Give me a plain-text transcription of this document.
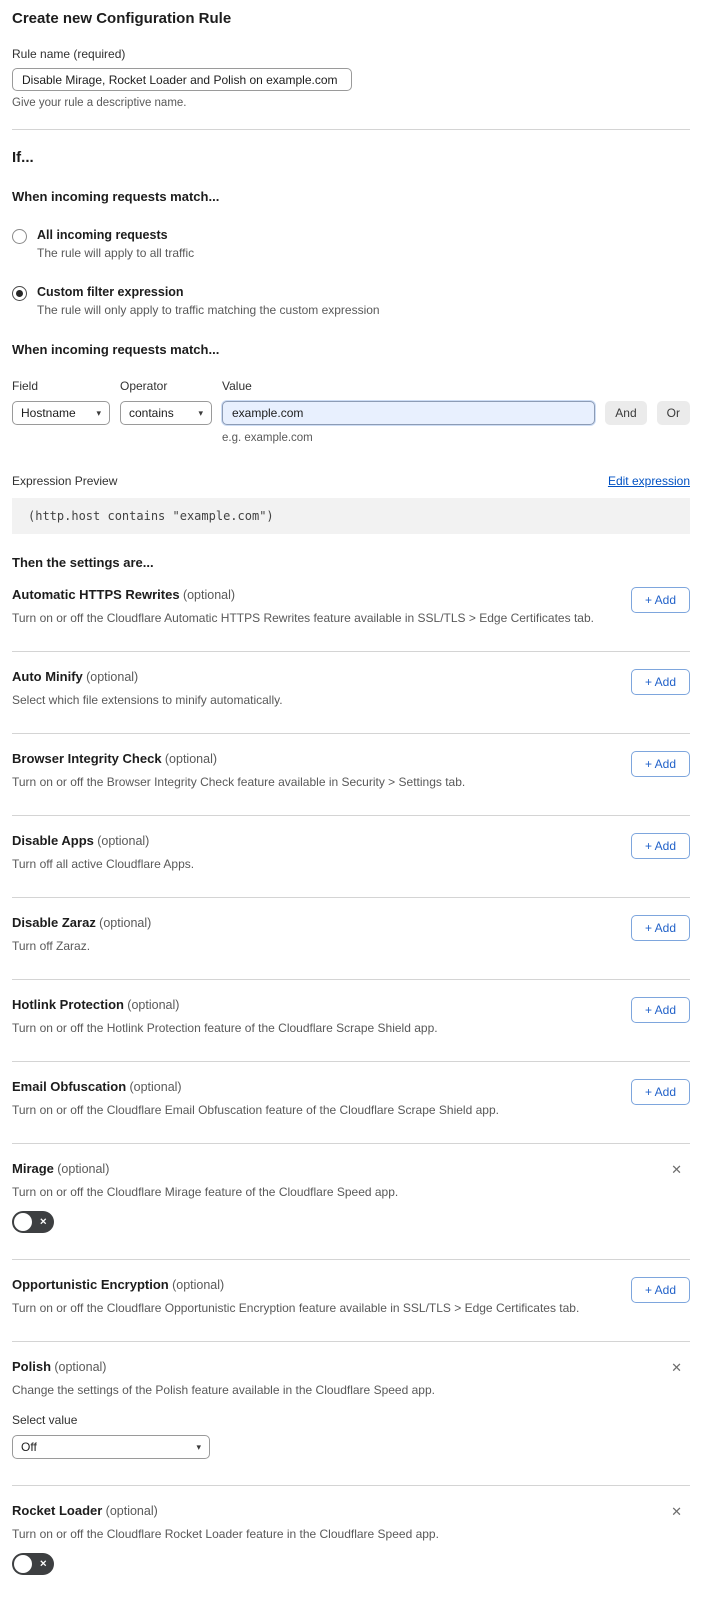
Create new Configuration Rule
Rule name (required)
Disable Mirage, Rocket Loader and Polish on example.com
Give your rule a descriptive name.
If...
When incoming requests match...
All incoming requests
The rule will apply to all traffic
Custom filter expression
The rule will only apply to traffic matching the custom expression
When incoming requests match...
Field
Hostname ▾
Operator
contains	▾
Value
example.com
e.g. example.com
And	Or
Expression Preview	Edit expression
(http.host contains "example.com")
Then the settings are...
Automatic HTTPS Rewrites (optional)
Turn on or off the Cloudflare Automatic HTTPS Rewrites feature available in SSL/TLS > Edge Certificates tab.
+ Add
Auto Minify (optional)
Select which file extensions to minify automatically.
+ Add
Browser Integrity Check (optional)
Turn on or off the Browser Integrity Check feature available in Security > Settings tab.
+ Add
Disable Apps (optional)
Turn off all active Cloudflare Apps.
+ Add
Disable Zaraz (optional)
Turn off Zaraz.
+ Add
Hotlink Protection (optional)
Turn on or off the Hotlink Protection feature of the Cloudflare Scrape Shield app.
+ Add
Email Obfuscation (optional)
Turn on or off the Cloudflare Email Obfuscation feature of the Cloudflare Scrape Shield app.
+ Add
Mirage (optional)
Turn on or off the Cloudflare Mirage feature of the Cloudflare Speed app.
✕
✕
Opportunistic Encryption (optional)
Turn on or off the Cloudflare Opportunistic Encryption feature available in SSL/TLS > Edge Certificates tab.
+ Add
Polish (optional)
Change the settings of the Polish feature available in the Cloudflare Speed app.
Select value
Off	▾
✕
Rocket Loader (optional)
Turn on or off the Cloudflare Rocket Loader feature in the Cloudflare Speed app.
✕
✕
